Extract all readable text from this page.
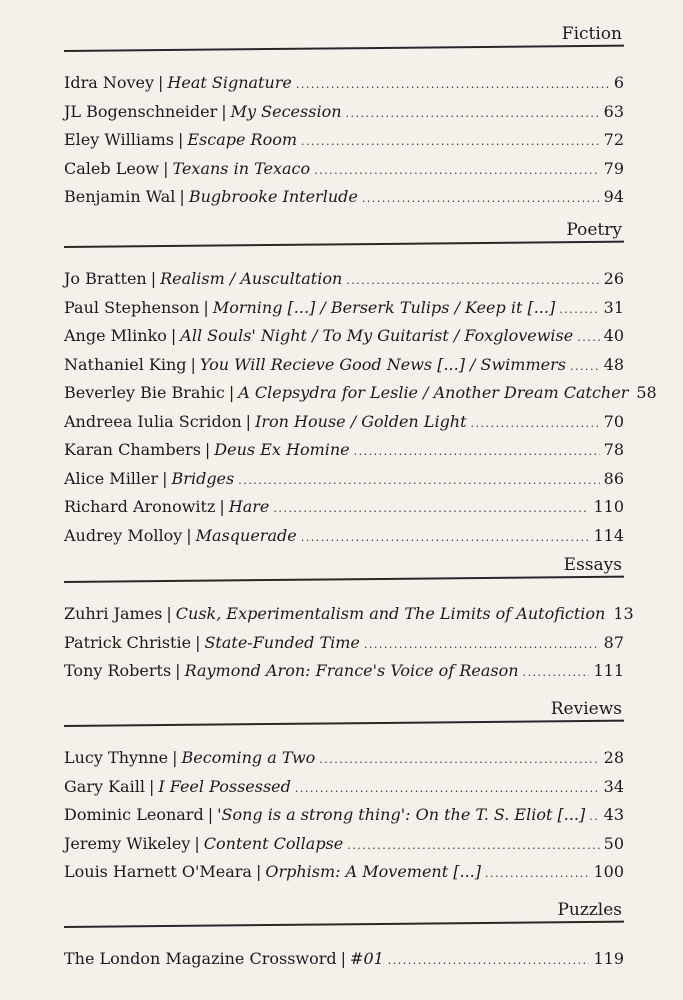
Fiction
Idra Novey | Heat Signature .....	6
JL Bogenschneider | My Secession .....	63
Eley Williams | Escape Room .....	72
Caleb Leow | Texans in Texaco .....	79
Benjamin Wal | Bugbrooke Interlude .....	94
Poetry
Jo Bratten | Realism / Auscultation .....	26
Paul Stephenson | Morning [...] / Berserk Tulips / Keep it [...] .....	31
Ange Mlinko | All Souls' Night / To My Guitarist / Foxglovewise ..... 40
Nathaniel King | You Will Recieve Good News [...] / Swimmers ..... 48
Beverley Bie Brahic | A Clepsydra for Leslie / Another Dream Catcher 58
Andreea Iulia Scridon | Iron House / Golden Light .....	70
Karan Chambers | Deus Ex Homine .....	78
Alice Miller | Bridges .....	86
Richard Aronowitz | Hare .....	110
Audrey Molloy | Masquerade .....	114
Essays
Zuhri James | Cusk, Experimentalism and The Limits of Autofiction 13
Patrick Christie | State-Funded Time .....	87
Tony Roberts | Raymond Aron: France's Voice of Reason .....	111
Reviews
Lucy Thynne | Becoming a Two .....	28
Gary Kaill | I Feel Possessed .....	34
Dominic Leonard | 'Song is a strong thing': On the T. S. Eliot [...] ..... 43
Jeremy Wikeley | Content Collapse .....	50
Louis Harnett O'Meara | Orphism: A Movement [...] .....	100
Puzzles
The London Magazine Crossword | #01 .....	119
